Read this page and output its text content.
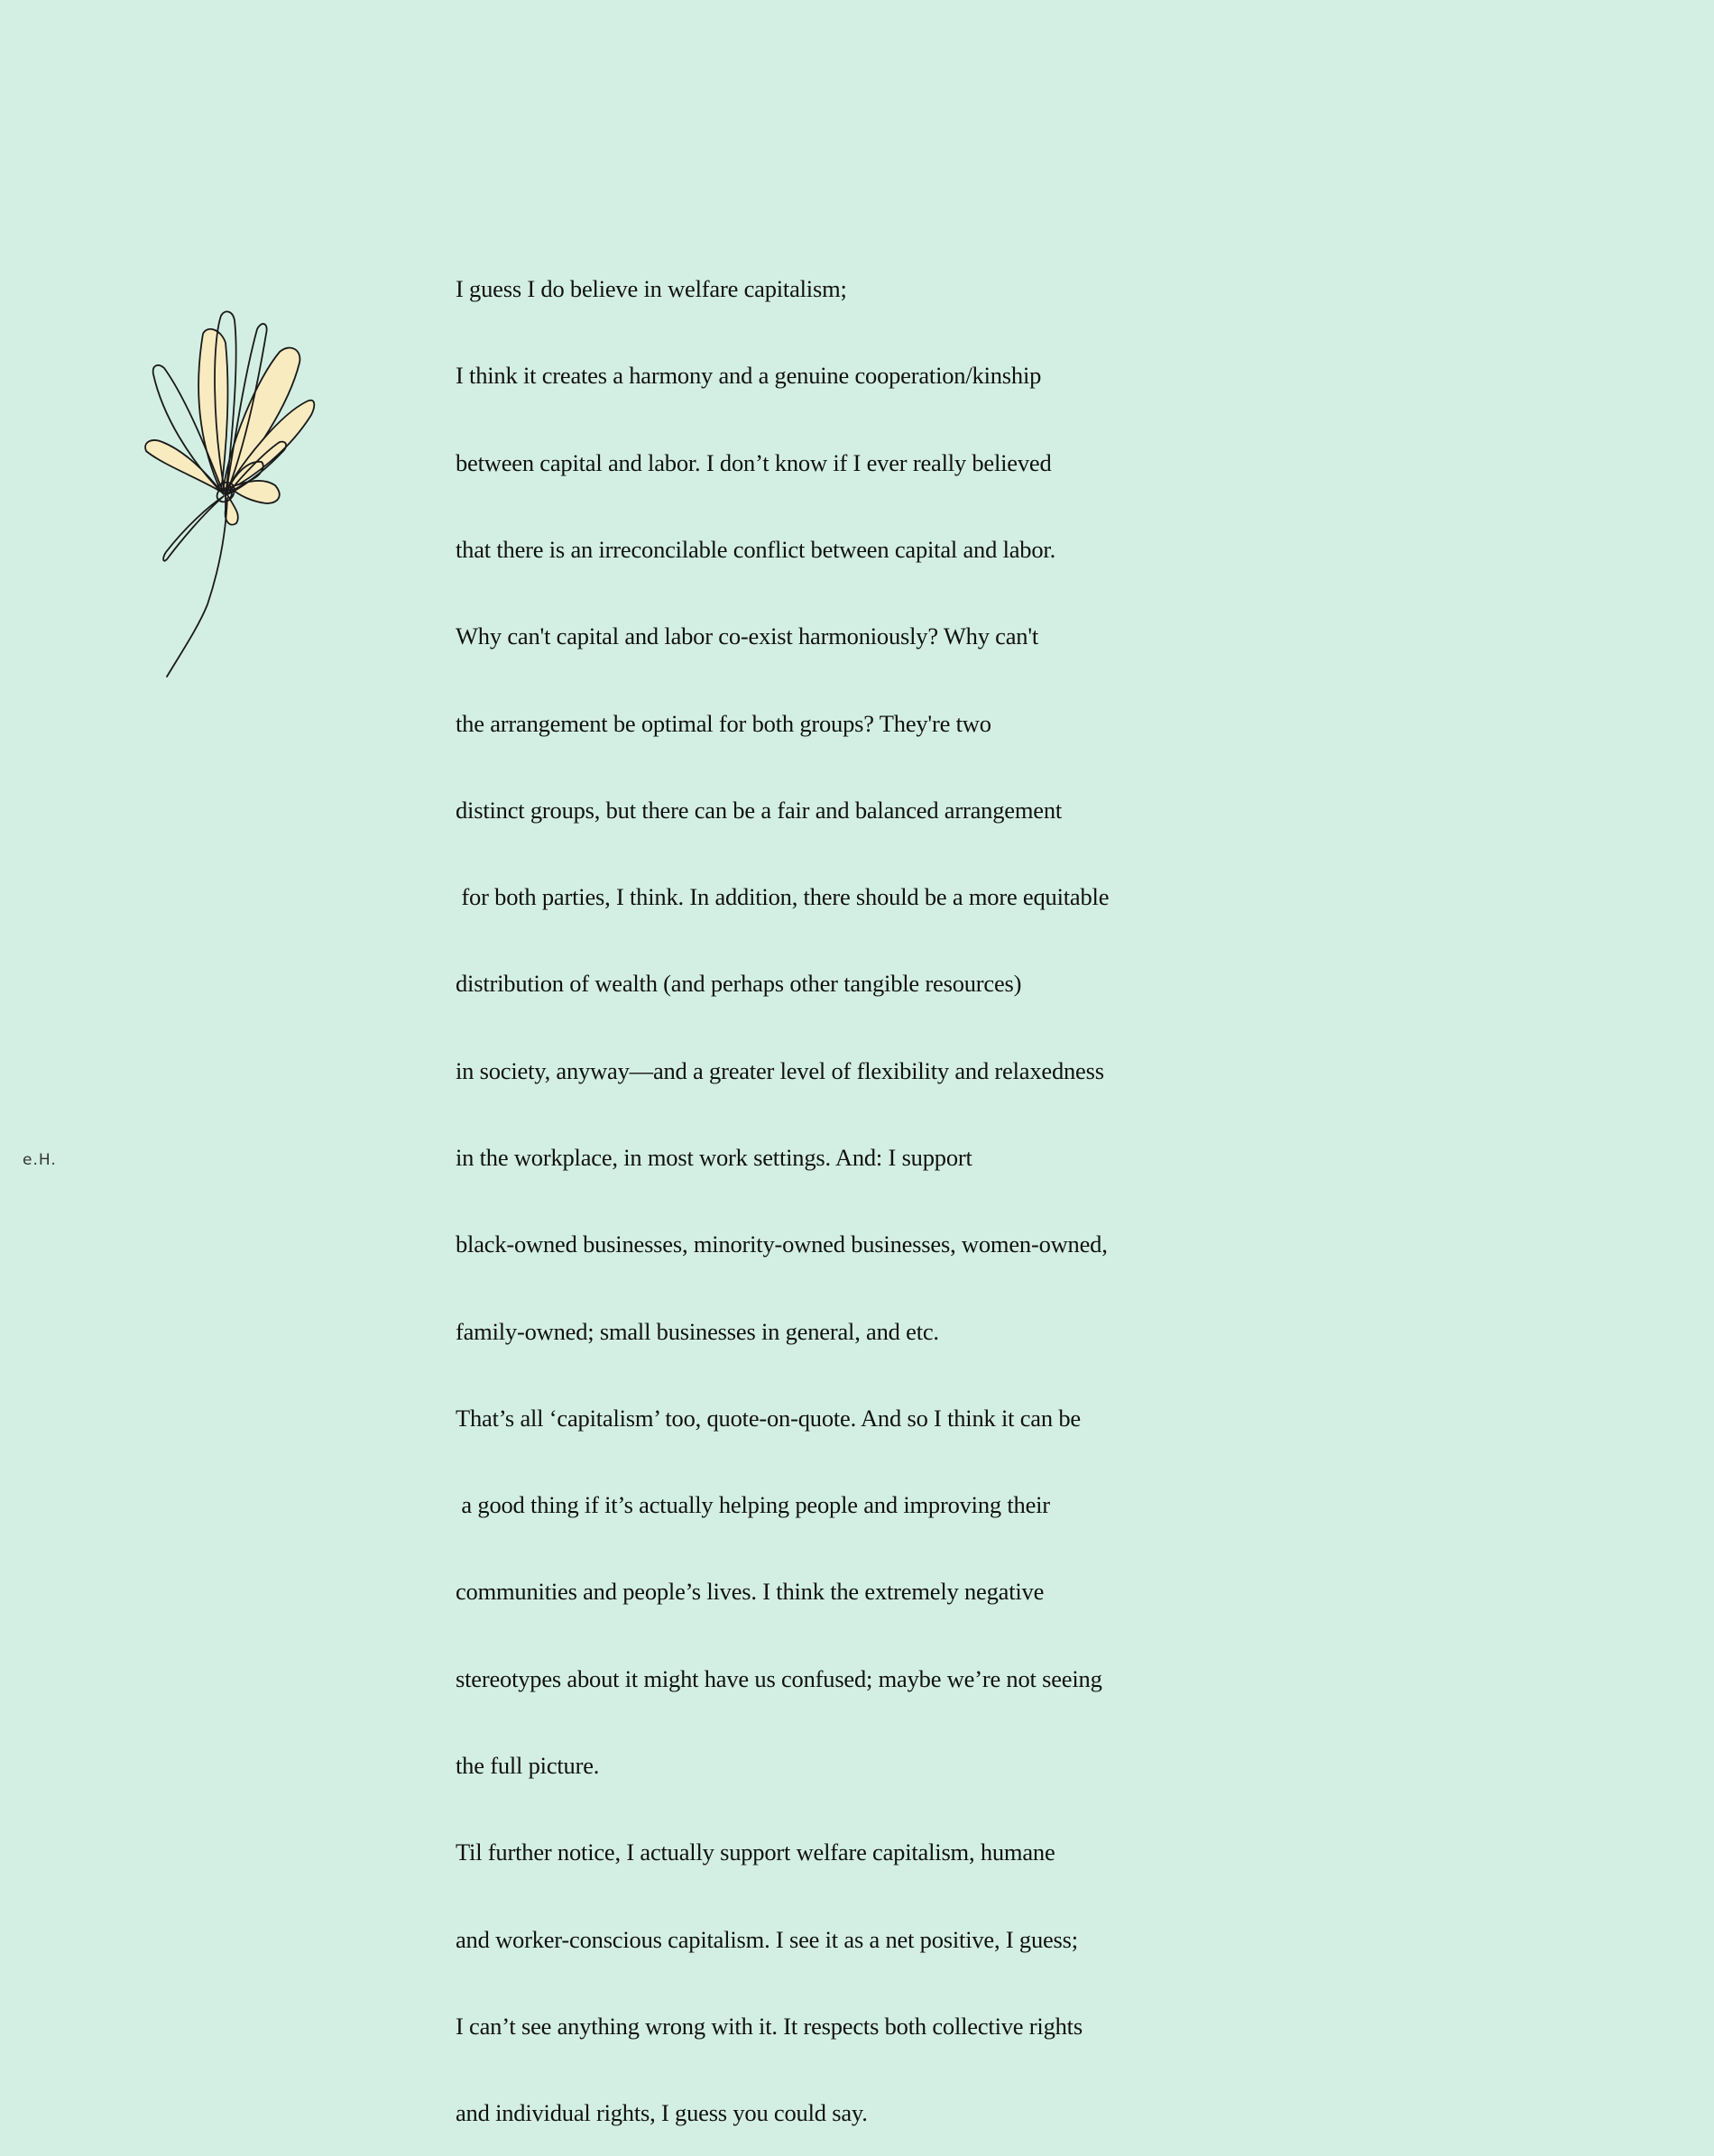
I guess I do believe in welfare capitalism;

I think it creates a harmony and a genuine cooperation/kinship

between capital and labor. I don’t know if I ever really believed

that there is an irreconcilable conflict between capital and labor.

Why can't capital and labor co-exist harmoniously? Why can't

the arrangement be optimal for both groups? They're two

distinct groups, but there can be a fair and balanced arrangement

for both parties, I think. In addition, there should be a more equitable

distribution of wealth (and perhaps other tangible resources)

in society, anyway—and a greater level of flexibility and relaxedness

in the workplace, in most work settings. And: I support

black-owned businesses, minority-owned businesses, women-owned,

family-owned; small businesses in general, and etc.

That’s all ‘capitalism’ too, quote-on-quote. And so I think it can be

a good thing if it’s actually helping people and improving their

communities and people’s lives. I think the extremely negative

stereotypes about it might have us confused; maybe we’re not seeing

the full picture.

Til further notice, I actually support welfare capitalism, humane

and worker-conscious capitalism. I see it as a net positive, I guess;

I can’t see anything wrong with it. It respects both collective rights

and individual rights, I guess you could say.

e.H.
